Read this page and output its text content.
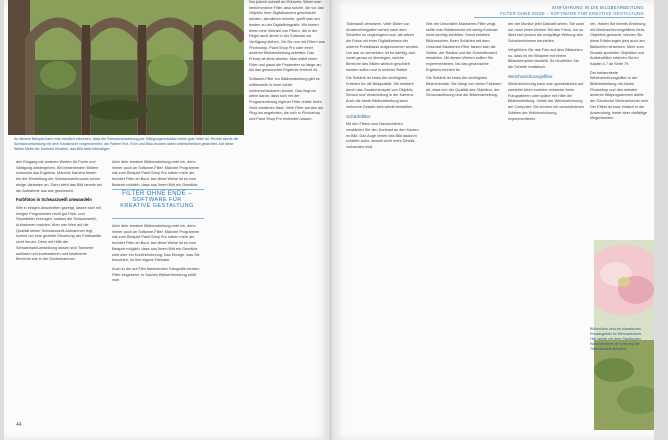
An diesem Beispiel kann man deutlich erkennen, dass die Schwarzumsetzung per Sättigungsreduktion keine gute Wahl ist. Rechts wurde die Schwarzumsetzung mit dem Kanalmixer vorgenommen, die Farben Rot, Grün und Blau wurden dabei unterschiedlich gewichtet. Auf diese Weise bleibt der Kontrast erhalten, das Bild wirkt lebendiger.

den Eingang mit anderen Werten für Farbe und Sättigung wiedergeben. Bei bestehenden Bildern schwankt das Ergebnis. Manche Kamera bieten bei der Einstellung der Schwarzweißmodus schon einige Varianten an. Dann sieht das Bild bereits bei der Aufnahme aus wie gewünscht.

Farbfotos in Schwarzweiß umwandeln

Wie in einigen Abschnitten gezeigt, lassen sich mit einigen Programmen recht gut Farb- und Sepiabilder erzeugen, sodass die Schwarzweiß-Aufnahmen machen. Aber wer Wert auf die Qualität seiner Schwarzweiß-Aufnahmen legt, kommt um eine gezielte Steuerung der Farbkanäle nicht herum. Denn mit Hilfe der Schwarzweißumsetzung lassen sich Tonwerte auflösen und kontrastieren und bestimmte Bereiche wie in der Dunkelkammer.

Nur jedoch schnell an Grenzen. Wenn man herkömmliche Filter, also solche, die vor das Objektiv Ihrer Digitalkamera geschraubt werden, simulieren möchte, greift man am besten zu der Digitalfotografie. Wir bieten Ihnen eine Vielzahl von Filtern, die in der Regel auch direkt in der Software zur Verfügung stehen. Ob Sie nun mit Filtern aus Photoshop, Paint Shop Pro oder einer anderen Bildbearbeitung arbeiten: Das Prinzip ist stets ähnlich. Man wählt einen Filter und passt die Parameter so lange an, bis das gewünschte Ergebnis erreicht ist.

Software-Filter zur Bildbearbeitung gibt es mittlerweile in einer schier unüberschaubaren Anzahl. Das liegt vor allem daran, dass sich mit der Programmierung eigener Filter relativ leicht Geld verdienen lässt. Viele Filter werden als Plug-ins angeboten, die sich in Photoshop und Paint Shop Pro einbinden lassen.

Aber über kreative Bildbearbeitung rede ich, denn immer auch an Software-Filter. Manche Programme wie zum Beispiel Paint Shop Pro haben mehr als hundert Filter an Bord. Auf diese Weise ist es zum Beispiel möglich, dass aus Ihrem Bild ein Gemälde

FILTER OHNE ENDE –
SOFTWARE FÜR
KREATIVE GESTALTUNG

Aber über kreative Bildbearbeitung rede ich, denn immer auch an Software-Filter. Manche Programme wie zum Beispiel Paint Shop Pro haben mehr als hundert Filter an Bord. Auf diese Weise ist es zum Beispiel möglich, dass aus Ihrem Bild ein Gemälde wird oder ein Kohlezeichnung. Das Einzige, was Sie brauchen, ist Ihre eigene Fantasie.

Auch in der auf Film basierenden Fotografie werden Filter eingesetzt. In Sachen Bildverfremdung stößt man

44
EINFÜHRUNG IN DIE BILDBEARBEITUNG
FILTER OHNE ENDE – SOFTWARE FÜR KREATIVE GESTALTUNG

Todesstoß versetzen. Viele Bilder von Amateurfotografen sehen nach dem Schärfen so ungenügend aus, als wären die Fotos mit einer Digitalkamera der unteren Preisklasse aufgenommen worden. Um das zu vermeiden, ist es wichtig, sich vorab genau zu überlegen, welche Bereiche des Bildes wirklich geschärft werden sollen und in welcher Stärke.

Die Schärfe ist eines der wichtigsten Kriterien für die Bildqualität. Sie entsteht durch das Zusammenspiel von Objektiv, Sensor und Verarbeitung in der Kamera. Auch die beste Bildbearbeitung kann verlorene Details nicht wiederherstellen.

Schärfefilter

Mit den Filtern zum Nachschärfen verstärken Sie den Kontrast an den Kanten im Bild. Das Auge nimmt das Bild dadurch schärfer wahr, obwohl nicht mehr Details vorhanden sind.

Wie der Unschärfe-Maskieren-Filter zeigt, sollte man Bildbereiche mit wenig Kontrast nicht unnötig schärfen. Sonst entsteht Bildrauschen. Beim Schärfen mit dem Unscharf-Maskieren-Filter lassen sich die Stärke, der Radius und der Schwellenwert einstellen. Mit diesen Werten sollten Sie experimentieren, bis das gewünschte Ergebnis erreicht ist.

Die Schärfe ist eines der wichtigsten Bildmerkmale. Sie hängt von vielen Faktoren ab, etwa von der Qualität des Objektivs, der Sensorauflösung und der Bildverarbeitung.

der der Monitor jetzt Dashaft sehen. Sie zwar nur noch einen kleinen Teil des Fotos, nur so lässt sich jedoch die endgültige Wirkung des Scharfzeichnens beurteilen.

Vergrößern Sie das Foto auf dem Bildschirm so, dass es ein Bildpixel mit einem Bildschirmpixel darstellt. So beurteilen Sie die Schärfe realistisch.

Weichzeichnungsfilter

Weichzeichnung kann man grundsätzlich auf zweierlei Arten erzielen: entweder beim Fotografieren oder später mit Hilfe der Bildbearbeitung. Vorteil der Weichzeichnung am Computer: Sie können mit verschiedenen Stärken der Weichzeichnung experimentieren.

ren. Haben Sie bereits Erfahrung mit Weichzeichnungsfiltern Ihres Objektivs gemacht, können Sie diese Erfahrungen jetzt auch am Bildschirm einsetzen. Mehr zum Einsatz spezieller Objektive und Aufsteckfilter erfahren Sie im Kapitel 4.7 ab Seite 79.

Der bekannteste Weichzeichnungsfilter in der Bildbearbeitung mit Adobe Photoshop und den meisten anderen Bildprogrammen dürfte der Gaußsche Weichzeichner sein. Der Effekt ist zwar einfach in der Anwendung, bietet aber vielfältige Möglichkeiten.

Blütenfotos sind ein klassisches Einsatzgebiet für Weichzeichner. Hier wurde mit dem Gaußschen Weichzeichner die Wirkung der Tiefenschärfe simuliert.
